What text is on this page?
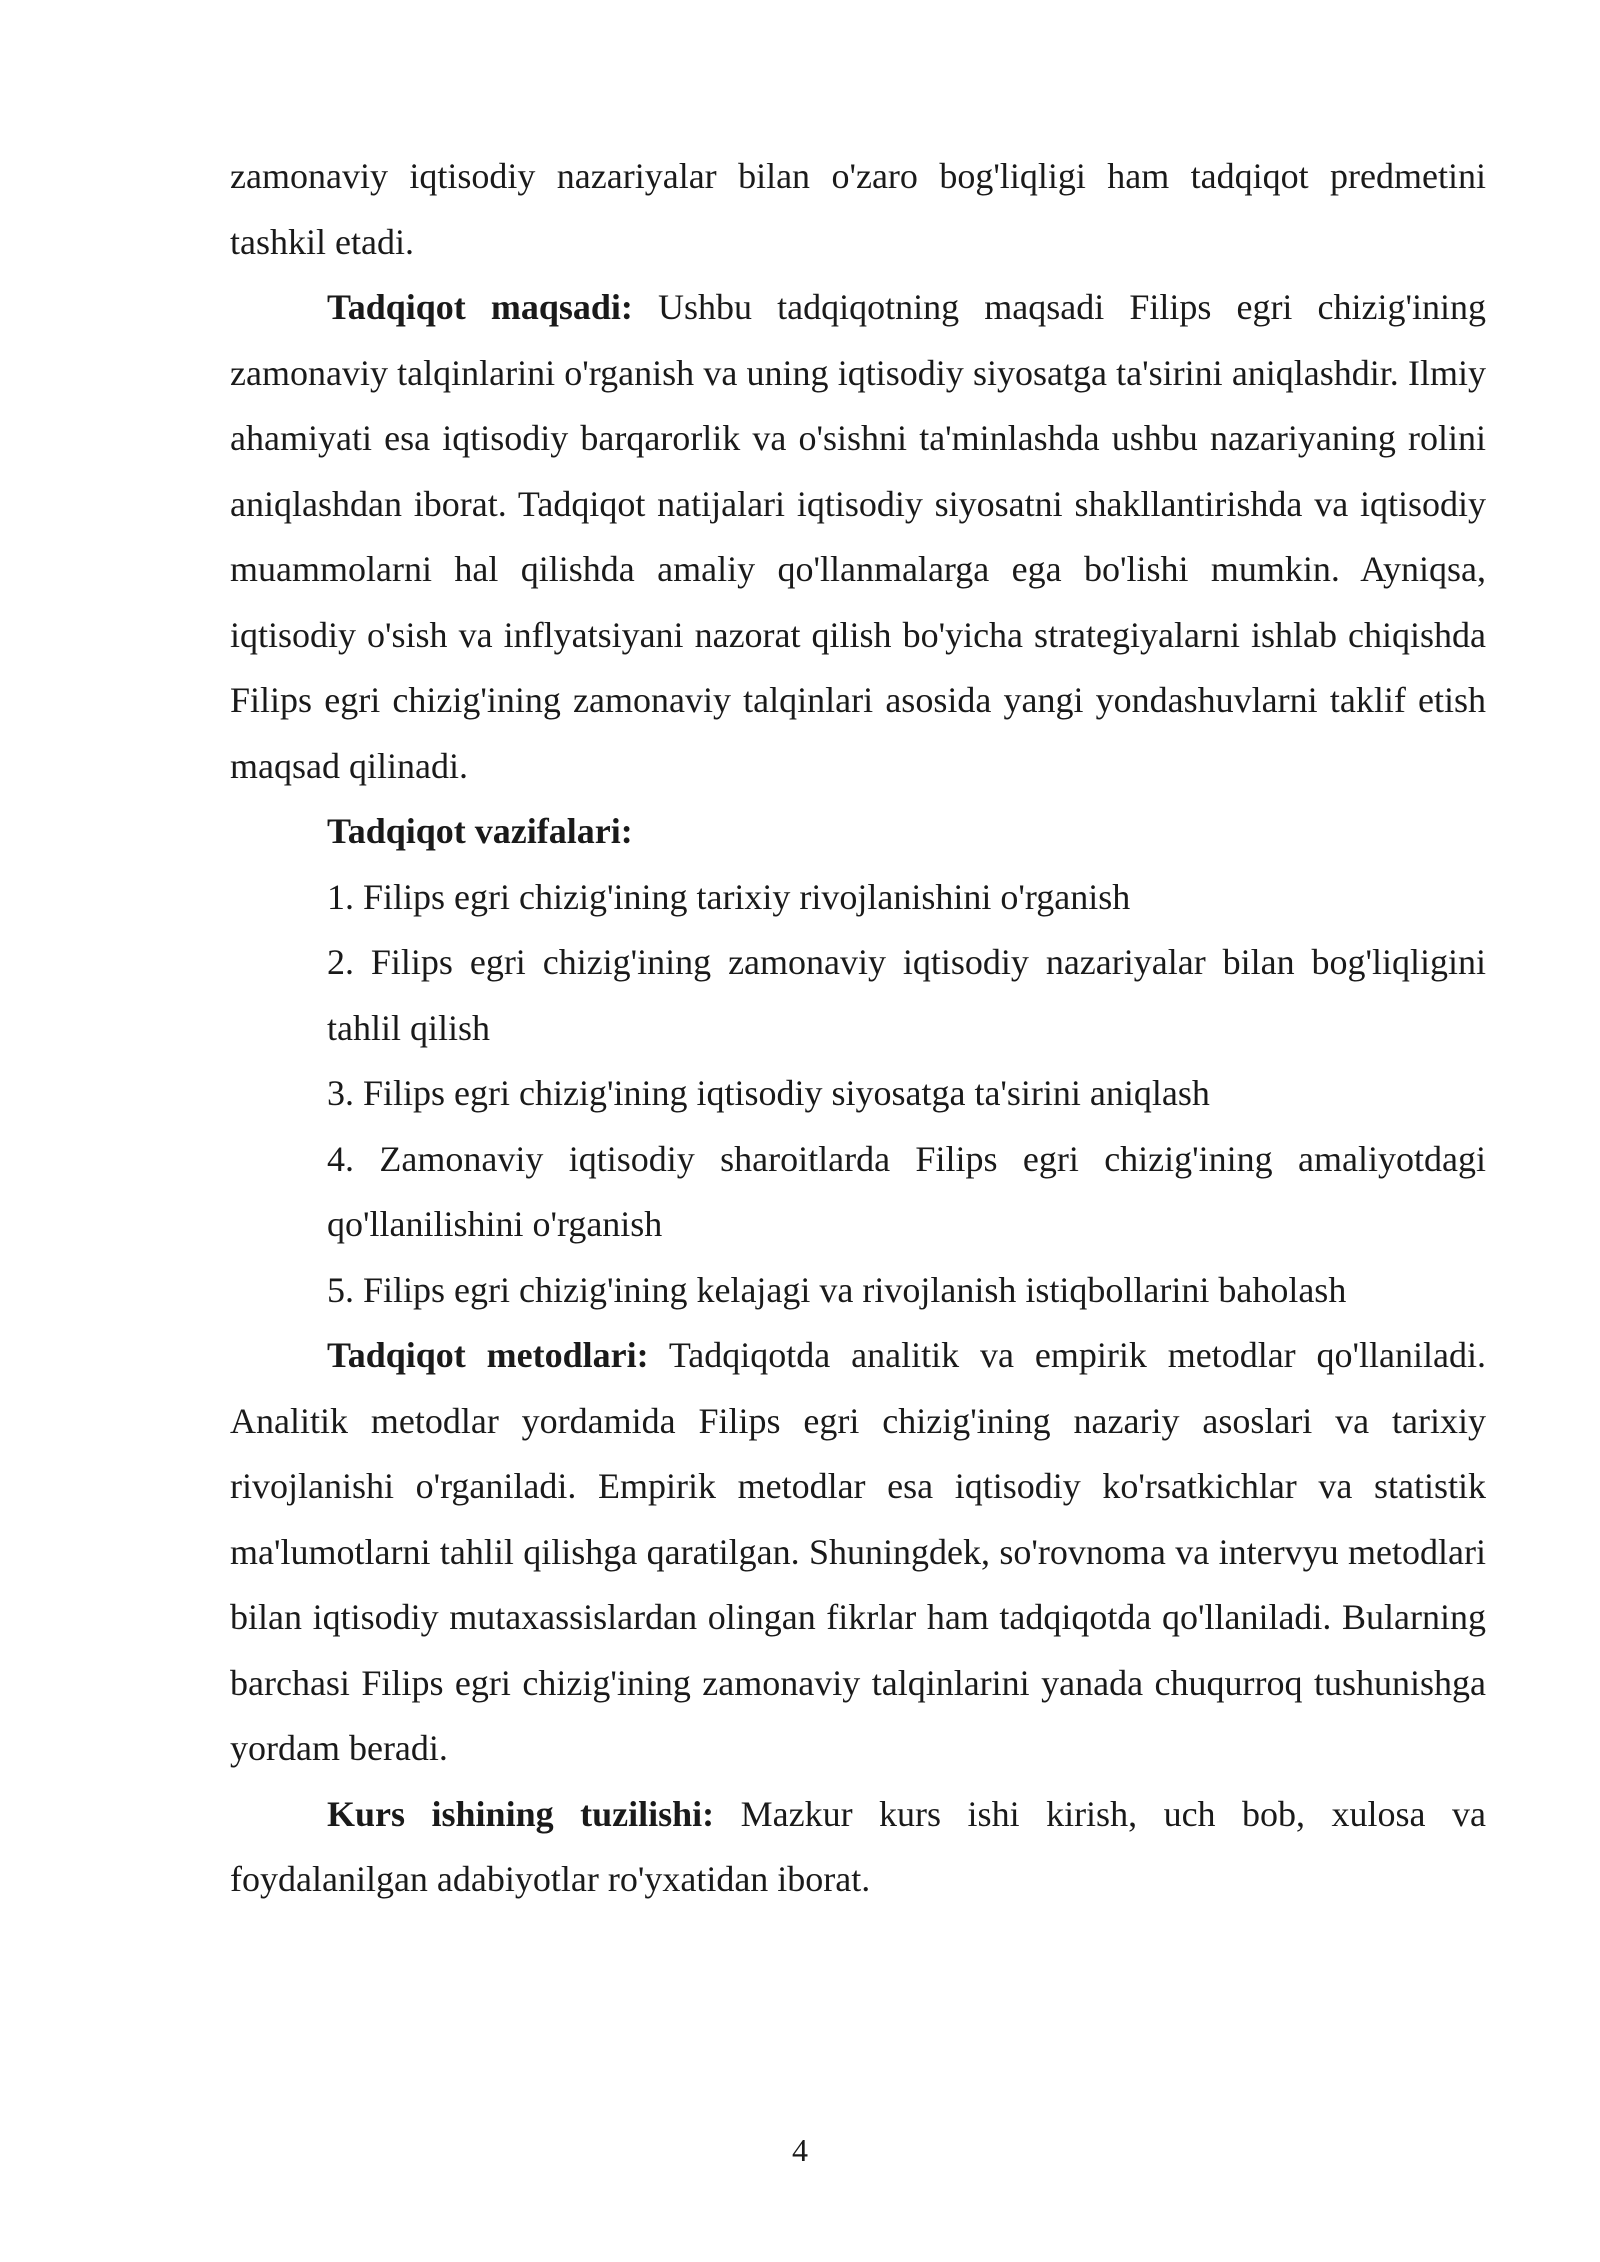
zamonaviy iqtisodiy nazariyalar bilan o'zaro bog'liqligi ham tadqiqot predmetini tashkil etadi.

Tadqiqot maqsadi: Ushbu tadqiqotning maqsadi Filips egri chizig'ining zamonaviy talqinlarini o'rganish va uning iqtisodiy siyosatga ta'sirini aniqlashdir. Ilmiy ahamiyati esa iqtisodiy barqarorlik va o'sishni ta'minlashda ushbu nazariyaning rolini aniqlashdan iborat. Tadqiqot natijalari iqtisodiy siyosatni shakllantirishda va iqtisodiy muammolarni hal qilishda amaliy qo'llanmalarga ega bo'lishi mumkin. Ayniqsa, iqtisodiy o'sish va inflyatsiyani nazorat qilish bo'yicha strategiyalarni ishlab chiqishda Filips egri chizig'ining zamonaviy talqinlari asosida yangi yondashuvlarni taklif etish maqsad qilinadi.

Tadqiqot vazifalari:

1. Filips egri chizig'ining tarixiy rivojlanishini o'rganish

2. Filips egri chizig'ining zamonaviy iqtisodiy nazariyalar bilan bog'liqligini tahlil qilish

3. Filips egri chizig'ining iqtisodiy siyosatga ta'sirini aniqlash

4. Zamonaviy iqtisodiy sharoitlarda Filips egri chizig'ining amaliyotdagi qo'llanilishini o'rganish

5. Filips egri chizig'ining kelajagi va rivojlanish istiqbollarini baholash

Tadqiqot metodlari: Tadqiqotda analitik va empirik metodlar qo'llaniladi. Analitik metodlar yordamida Filips egri chizig'ining nazariy asoslari va tarixiy rivojlanishi o'rganiladi. Empirik metodlar esa iqtisodiy ko'rsatkichlar va statistik ma'lumotlarni tahlil qilishga qaratilgan. Shuningdek, so'rovnoma va intervyu metodlari bilan iqtisodiy mutaxassislardan olingan fikrlar ham tadqiqotda qo'llaniladi. Bularning barchasi Filips egri chizig'ining zamonaviy talqinlarini yanada chuqurroq tushunishga yordam beradi.

Kurs ishining tuzilishi: Mazkur kurs ishi kirish, uch bob, xulosa va foydalanilgan adabiyotlar ro'yxatidan iborat.

4
